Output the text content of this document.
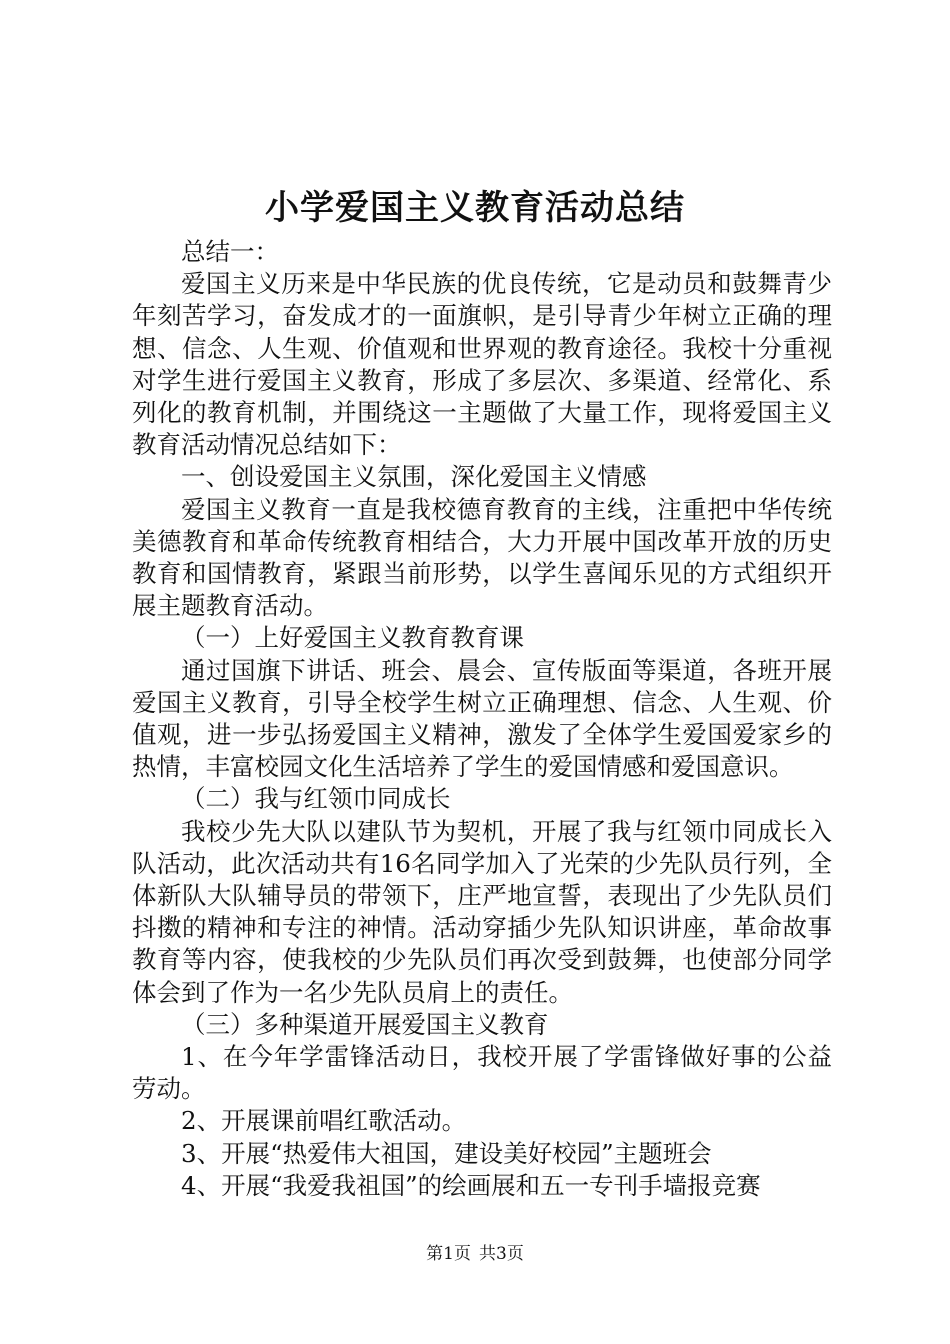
小学爱国主义教育活动总结

总结一：

爱国主义历来是中华民族的优良传统，它是动员和鼓舞青少年刻苦学习，奋发成才的一面旗帜，是引导青少年树立正确的理想、信念、人生观、价值观和世界观的教育途径。我校十分重视对学生进行爱国主义教育，形成了多层次、多渠道、经常化、系列化的教育机制，并围绕这一主题做了大量工作，现将爱国主义教育活动情况总结如下：

一、创设爱国主义氛围，深化爱国主义情感

爱国主义教育一直是我校德育教育的主线，注重把中华传统美德教育和革命传统教育相结合，大力开展中国改革开放的历史教育和国情教育，紧跟当前形势，以学生喜闻乐见的方式组织开展主题教育活动。

（一）上好爱国主义教育教育课

通过国旗下讲话、班会、晨会、宣传版面等渠道，各班开展爱国主义教育，引导全校学生树立正确理想、信念、人生观、价值观，进一步弘扬爱国主义精神，激发了全体学生爱国爱家乡的热情，丰富校园文化生活培养了学生的爱国情感和爱国意识。

（二）我与红领巾同成长

我校少先大队以建队节为契机，开展了我与红领巾同成长入队活动，此次活动共有16名同学加入了光荣的少先队员行列，全体新队大队辅导员的带领下，庄严地宣誓，表现出了少先队员们抖擞的精神和专注的神情。活动穿插少先队知识讲座，革命故事教育等内容，使我校的少先队员们再次受到鼓舞，也使部分同学体会到了作为一名少先队员肩上的责任。

（三）多种渠道开展爱国主义教育

1、在今年学雷锋活动日，我校开展了学雷锋做好事的公益劳动。

2、开展课前唱红歌活动。

3、开展“热爱伟大祖国，建设美好校园”主题班会

4、开展“我爱我祖国”的绘画展和五一专刊手墙报竞赛

第1页 共3页
